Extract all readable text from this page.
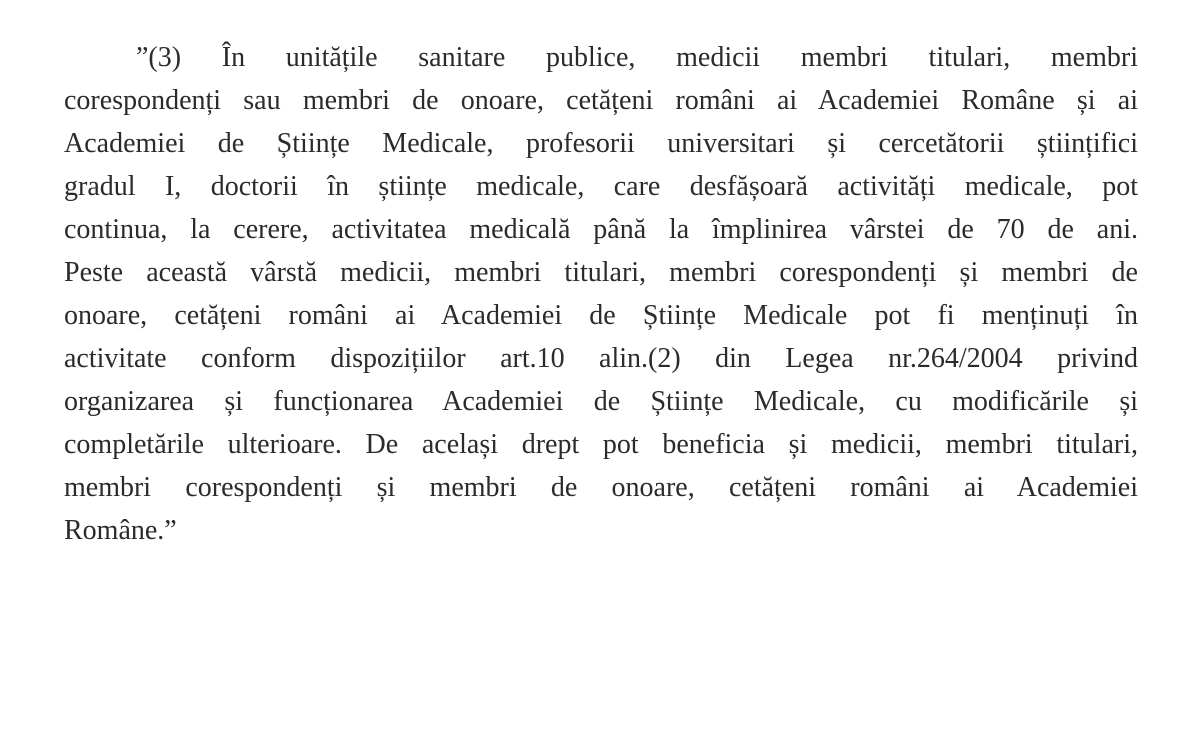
”(3) În unitățile sanitare publice, medicii membri titulari, membri
corespondenți sau membri de onoare, cetățeni români ai Academiei Române și ai
Academiei de Științe Medicale, profesorii universitari și cercetătorii științifici
gradul I, doctorii în științe medicale, care desfășoară activități medicale, pot
continua, la cerere, activitatea medicală până la împlinirea vârstei de 70 de ani.
Peste această vârstă medicii, membri titulari, membri corespondenți și membri de
onoare, cetățeni români ai Academiei de Științe Medicale pot fi menținuți în
activitate conform dispozițiilor art.10 alin.(2) din Legea nr.264/2004 privind
organizarea și funcționarea Academiei de Științe Medicale, cu modificările și
completările ulterioare. De același drept pot beneficia și medicii, membri titulari,
membri corespondenți și membri de onoare, cetățeni români ai Academiei
Române.”
